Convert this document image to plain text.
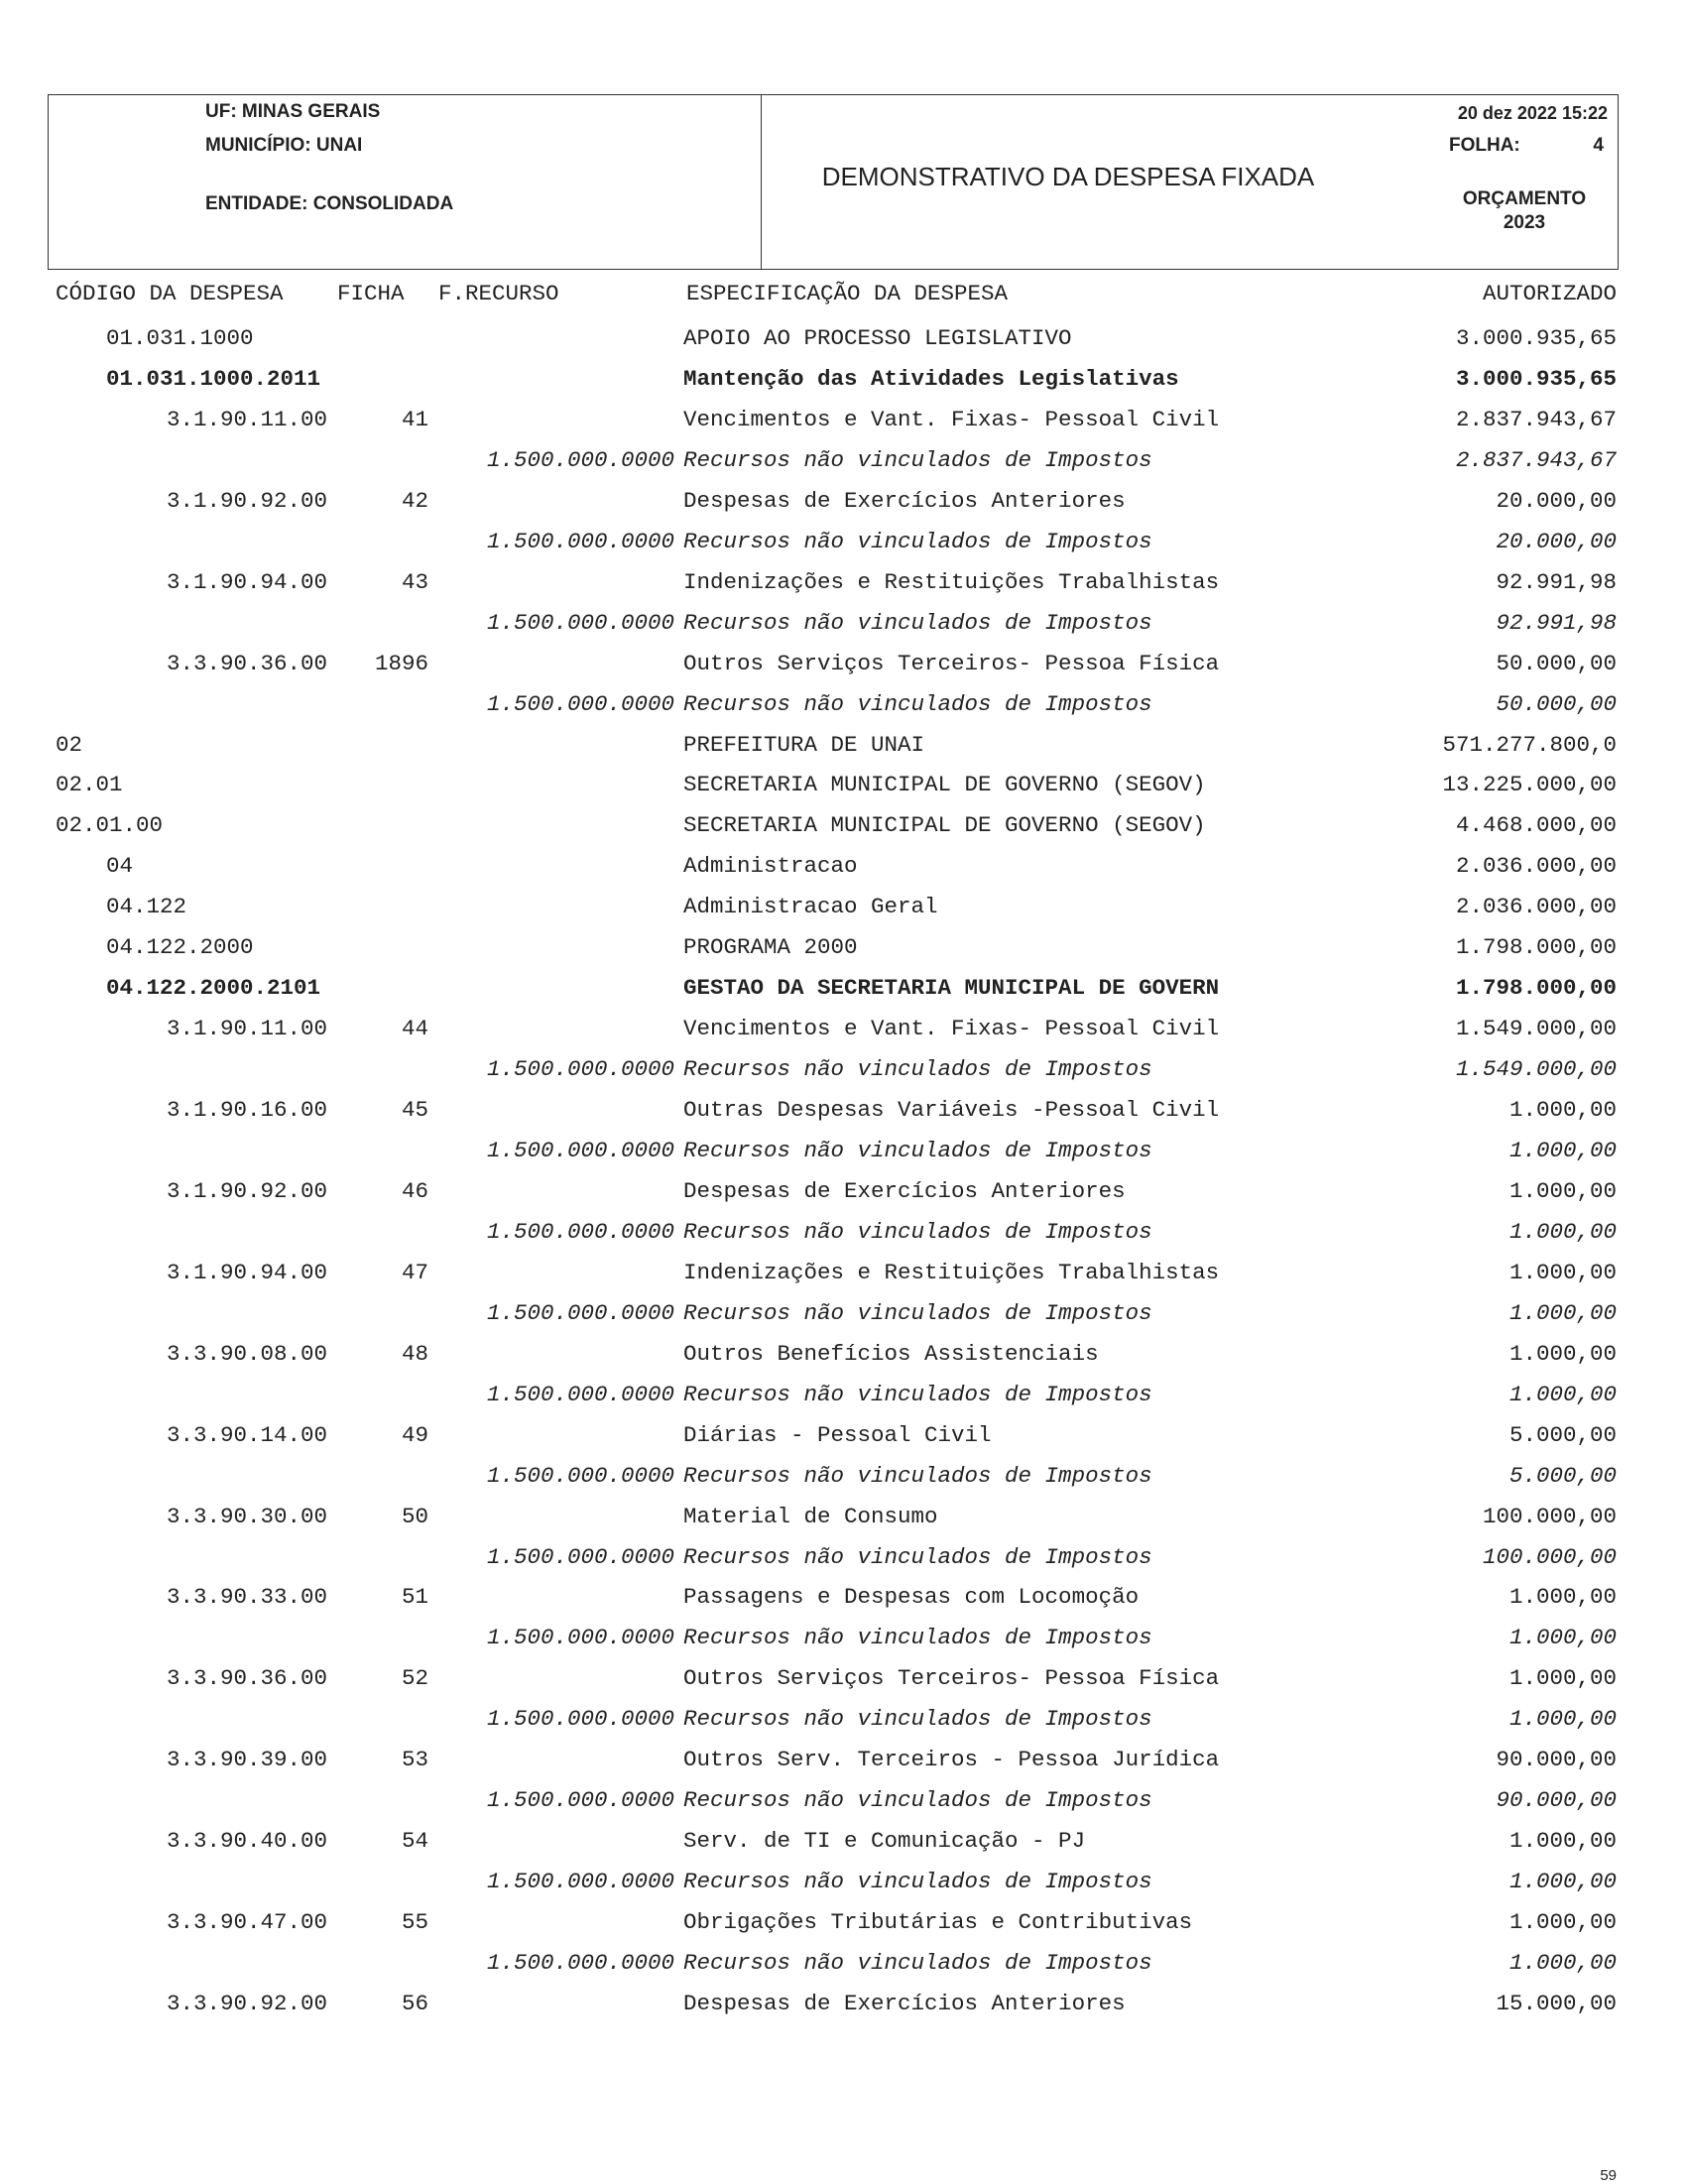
UF: MINAS GERAIS
MUNICÍPIO: UNAI
ENTIDADE: CONSOLIDADA
DEMONSTRATIVO DA DESPESA FIXADA
20 dez 2022 15:22
FOLHA:	4
ORÇAMENTO
2023
CÓDIGO DA DESPESA FICHA F.RECURSO	ESPECIFICAÇÃO DA DESPESA	AUTORIZADO
01.031.1000	APOIO AO PROCESSO LEGISLATIVO	3.000.935,65
01.031.1000.2011	Mantenção das Atividades Legislativas	3.000.935,65
3.1.90.11.00	41	Vencimentos e Vant. Fixas- Pessoal Civil	2.837.943,67
1.500.000.0000 Recursos não vinculados de Impostos	2.837.943,67
3.1.90.92.00	42	Despesas de Exercícios Anteriores	20.000,00
1.500.000.0000 Recursos não vinculados de Impostos	20.000,00
3.1.90.94.00	43	Indenizações e Restituições Trabalhistas	92.991,98
1.500.000.0000 Recursos não vinculados de Impostos	92.991,98
3.3.90.36.00	1896	Outros Serviços Terceiros- Pessoa Física	50.000,00
1.500.000.0000 Recursos não vinculados de Impostos	50.000,00
02	PREFEITURA DE UNAI	571.277.800,0
02.01	SECRETARIA MUNICIPAL DE GOVERNO (SEGOV)	13.225.000,00
02.01.00	SECRETARIA MUNICIPAL DE GOVERNO (SEGOV)	4.468.000,00
04	Administracao	2.036.000,00
04.122	Administracao Geral	2.036.000,00
04.122.2000	PROGRAMA 2000	1.798.000,00
04.122.2000.2101	GESTAO DA SECRETARIA MUNICIPAL DE GOVERN	1.798.000,00
3.1.90.11.00	44	Vencimentos e Vant. Fixas- Pessoal Civil	1.549.000,00
1.500.000.0000 Recursos não vinculados de Impostos	1.549.000,00
3.1.90.16.00	45	Outras Despesas Variáveis -Pessoal Civil	1.000,00
1.500.000.0000 Recursos não vinculados de Impostos	1.000,00
3.1.90.92.00	46	Despesas de Exercícios Anteriores	1.000,00
1.500.000.0000 Recursos não vinculados de Impostos	1.000,00
3.1.90.94.00	47	Indenizações e Restituições Trabalhistas	1.000,00
1.500.000.0000 Recursos não vinculados de Impostos	1.000,00
3.3.90.08.00	48	Outros Benefícios Assistenciais	1.000,00
1.500.000.0000 Recursos não vinculados de Impostos	1.000,00
3.3.90.14.00	49	Diárias - Pessoal Civil	5.000,00
1.500.000.0000 Recursos não vinculados de Impostos	5.000,00
3.3.90.30.00	50	Material de Consumo	100.000,00
1.500.000.0000 Recursos não vinculados de Impostos	100.000,00
3.3.90.33.00	51	Passagens e Despesas com Locomoção	1.000,00
1.500.000.0000 Recursos não vinculados de Impostos	1.000,00
3.3.90.36.00	52	Outros Serviços Terceiros- Pessoa Física	1.000,00
1.500.000.0000 Recursos não vinculados de Impostos	1.000,00
3.3.90.39.00	53	Outros Serv. Terceiros - Pessoa Jurídica	90.000,00
1.500.000.0000 Recursos não vinculados de Impostos	90.000,00
3.3.90.40.00	54	Serv. de TI e Comunicação - PJ	1.000,00
1.500.000.0000 Recursos não vinculados de Impostos	1.000,00
3.3.90.47.00	55	Obrigações Tributárias e Contributivas	1.000,00
1.500.000.0000 Recursos não vinculados de Impostos	1.000,00
3.3.90.92.00	56	Despesas de Exercícios Anteriores	15.000,00
59
